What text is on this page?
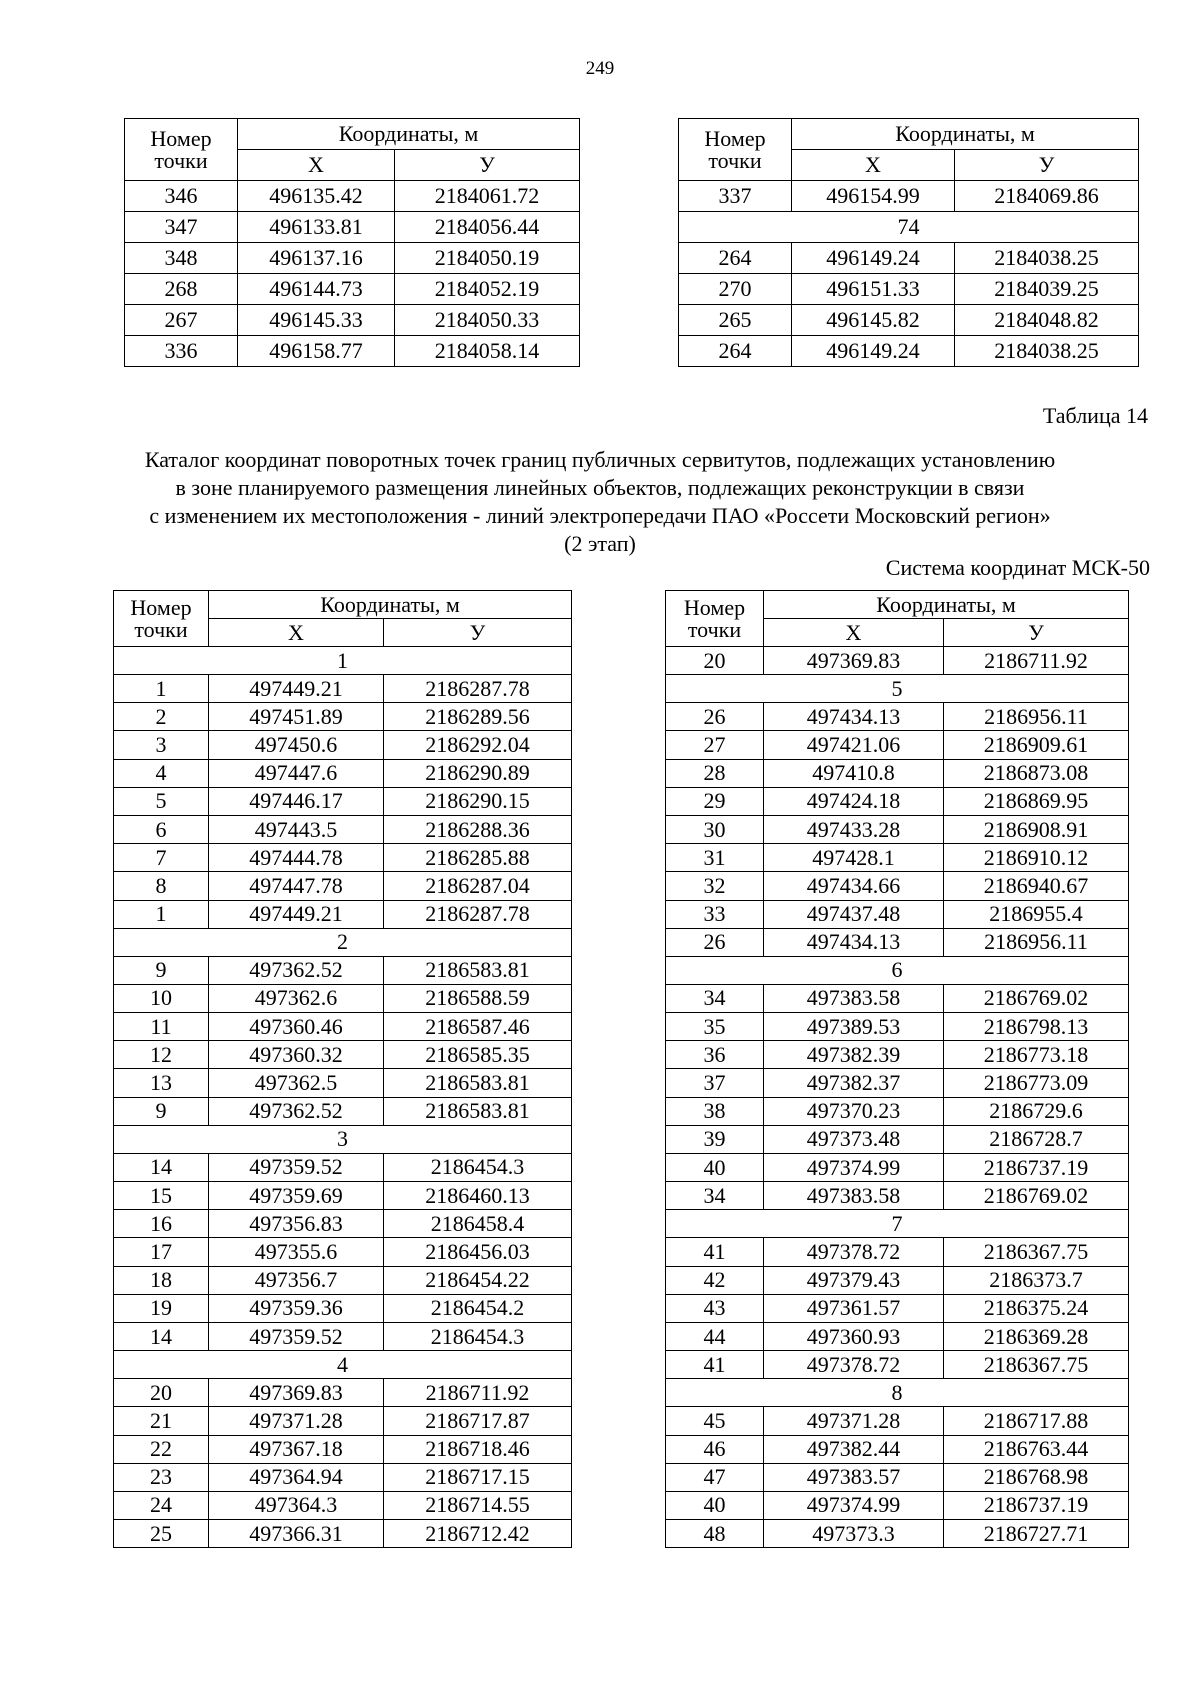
249
Номер
точки	Координаты, м	
	Х	У
346	496135.42	2184061.72
347	496133.81	2184056.44
348	496137.16	2184050.19
268	496144.73	2184052.19
267	496145.33	2184050.33
336	496158.77	2184058.14
Номер
точки	Координаты, м	
	Х	У
337	496154.99	2184069.86
74		
264	496149.24	2184038.25
270	496151.33	2184039.25
265	496145.82	2184048.82
264	496149.24	2184038.25
Таблица 14
Каталог координат поворотных точек границ публичных сервитутов, подлежащих установлению
в зоне планируемого размещения линейных объектов, подлежащих реконструкции в связи
с изменением их местоположения - линий электропередачи ПАО «Россети Московский регион»
(2 этап)
Система координат МСК-50
Номер
точки	Координаты, м	
	Х	У
1		
1	497449.21	2186287.78
2	497451.89	2186289.56
3	497450.6	2186292.04
4	497447.6	2186290.89
5	497446.17	2186290.15
6	497443.5	2186288.36
7	497444.78	2186285.88
8	497447.78	2186287.04
1	497449.21	2186287.78
2		
9	497362.52	2186583.81
10	497362.6	2186588.59
11	497360.46	2186587.46
12	497360.32	2186585.35
13	497362.5	2186583.81
9	497362.52	2186583.81
3		
14	497359.52	2186454.3
15	497359.69	2186460.13
16	497356.83	2186458.4
17	497355.6	2186456.03
18	497356.7	2186454.22
19	497359.36	2186454.2
14	497359.52	2186454.3
4		
20	497369.83	2186711.92
21	497371.28	2186717.87
22	497367.18	2186718.46
23	497364.94	2186717.15
24	497364.3	2186714.55
25	497366.31	2186712.42
Номер
точки	Координаты, м	
	Х	У
20	497369.83	2186711.92
5		
26	497434.13	2186956.11
27	497421.06	2186909.61
28	497410.8	2186873.08
29	497424.18	2186869.95
30	497433.28	2186908.91
31	497428.1	2186910.12
32	497434.66	2186940.67
33	497437.48	2186955.4
26	497434.13	2186956.11
6		
34	497383.58	2186769.02
35	497389.53	2186798.13
36	497382.39	2186773.18
37	497382.37	2186773.09
38	497370.23	2186729.6
39	497373.48	2186728.7
40	497374.99	2186737.19
34	497383.58	2186769.02
7		
41	497378.72	2186367.75
42	497379.43	2186373.7
43	497361.57	2186375.24
44	497360.93	2186369.28
41	497378.72	2186367.75
8		
45	497371.28	2186717.88
46	497382.44	2186763.44
47	497383.57	2186768.98
40	497374.99	2186737.19
48	497373.3	2186727.71
